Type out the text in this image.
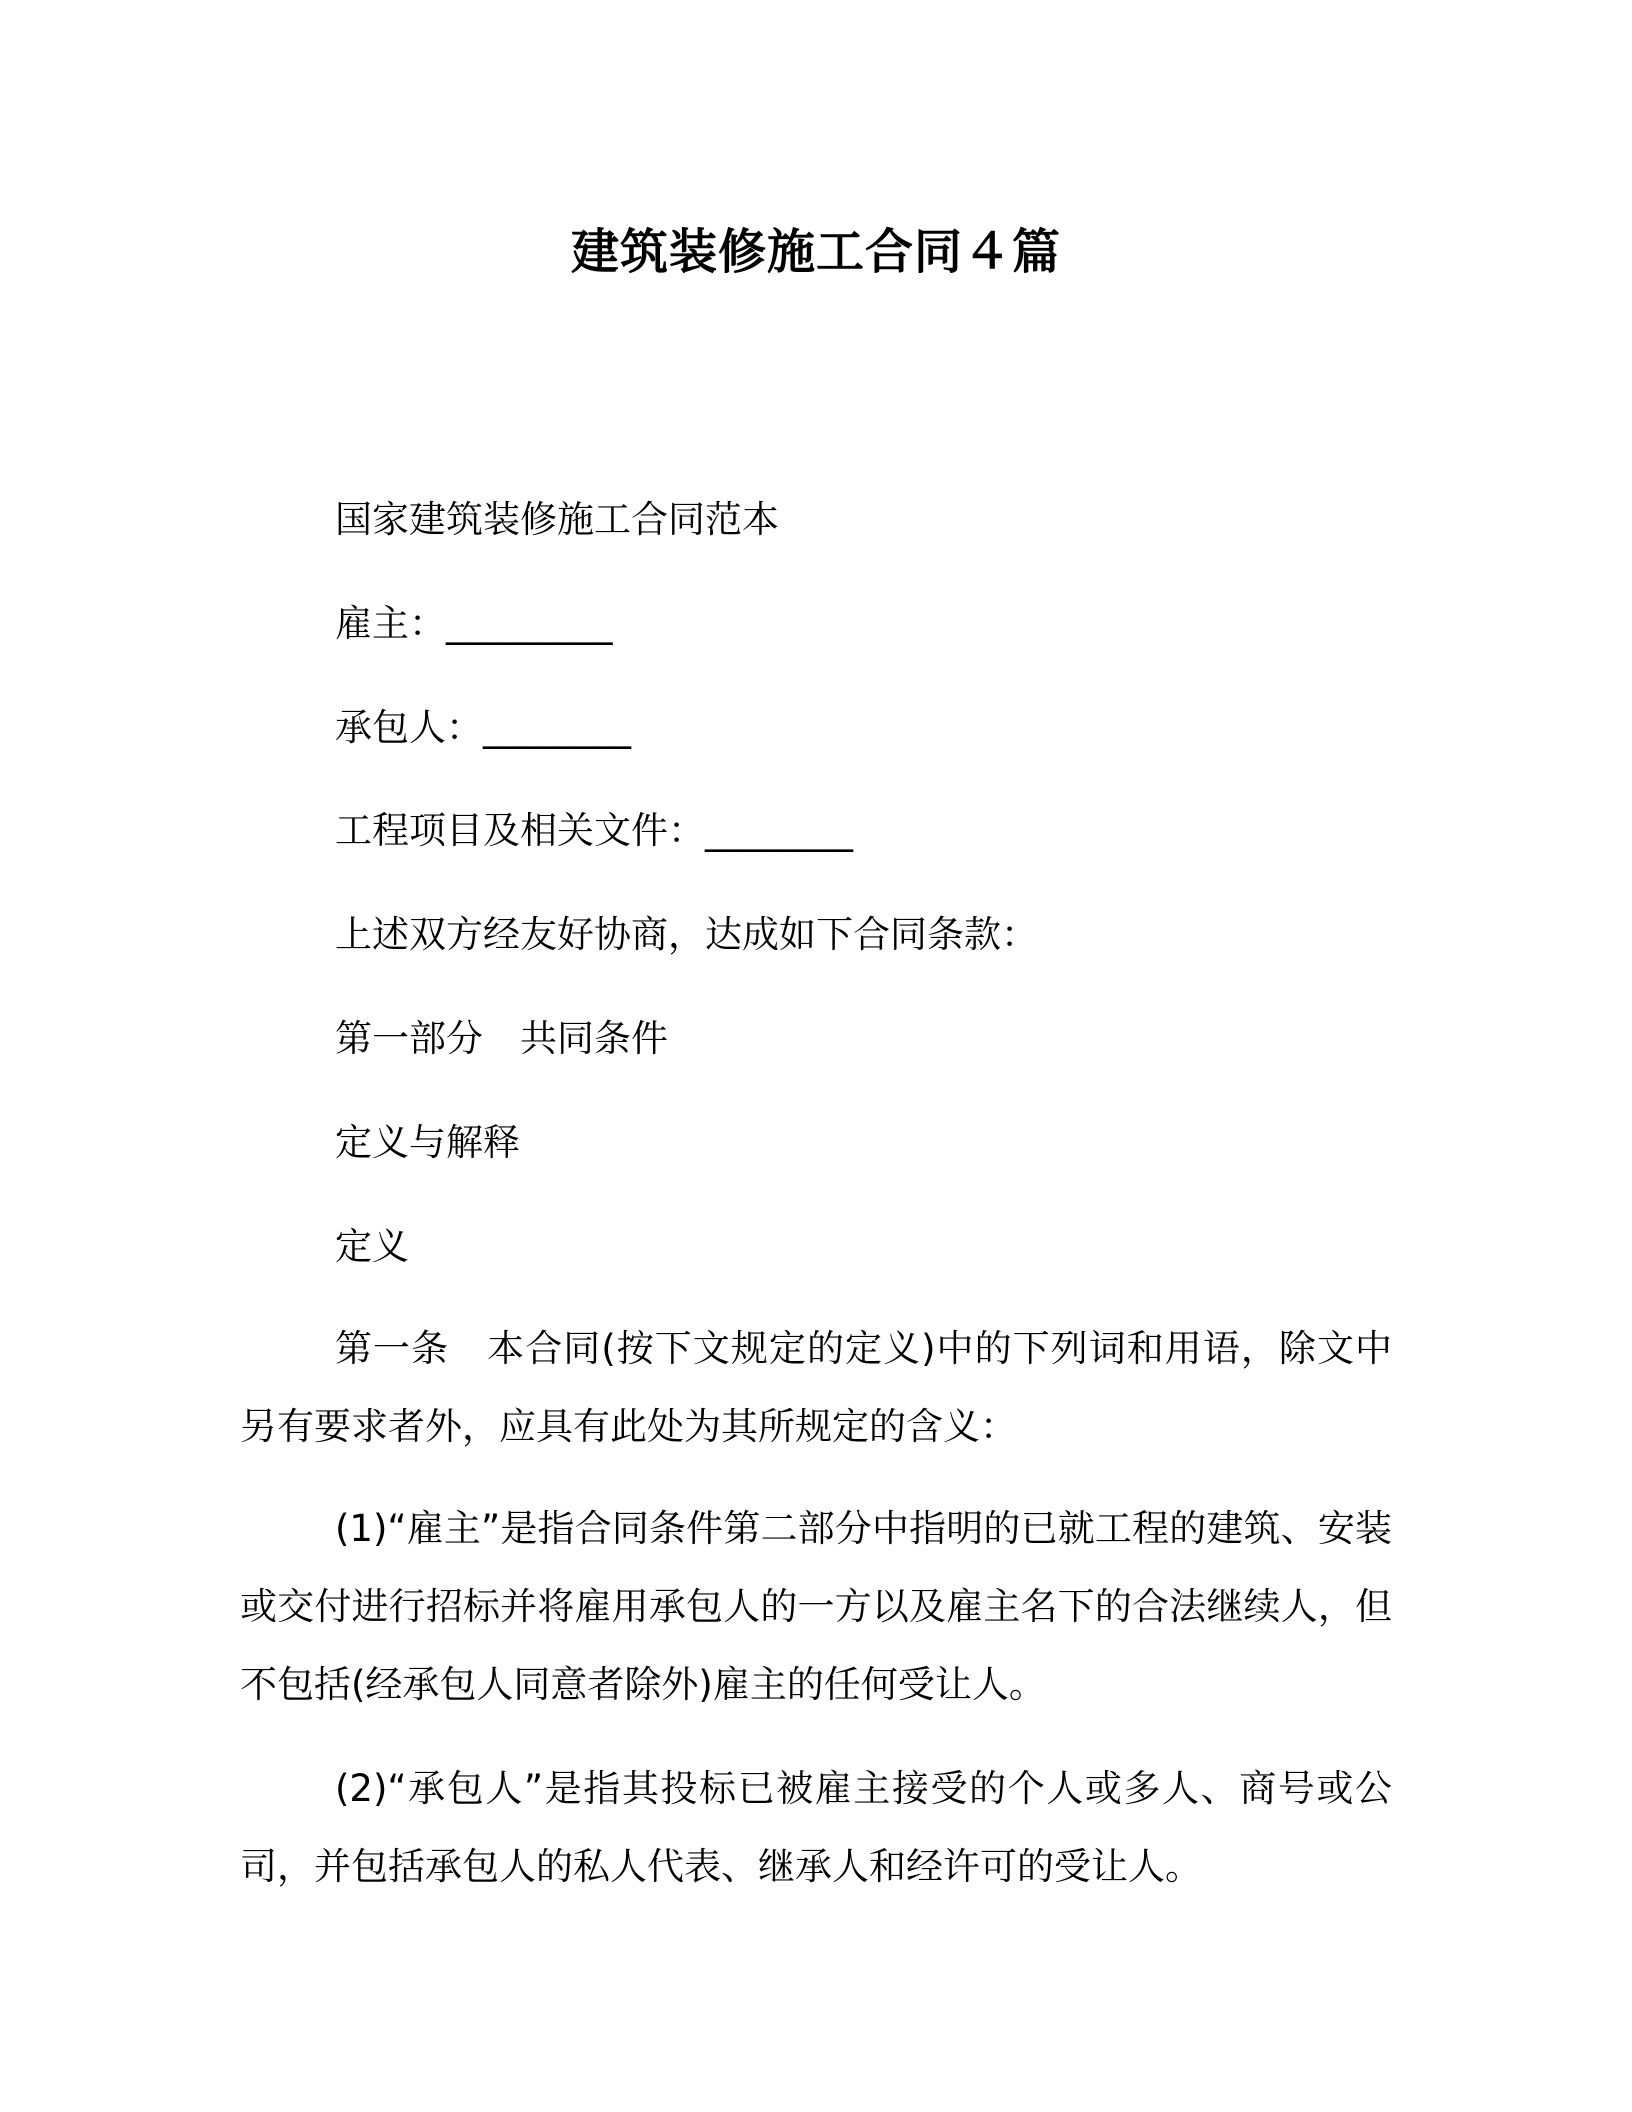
建筑装修施工合同４篇
国家建筑装修施工合同范本
雇主：_________
承包人：________
工程项目及相关文件：________
上述双方经友好协商，达成如下合同条款：
第一部分　共同条件
定义与解释
定义
第一条　本合同(按下文规定的定义)中的下列词和用语，除文中另有要求者外，应具有此处为其所规定的含义：
(1)“雇主”是指合同条件第二部分中指明的已就工程的建筑、安装或交付进行招标并将雇用承包人的一方以及雇主名下的合法继续人，但不包括(经承包人同意者除外)雇主的任何受让人。
(2)“承包人”是指其投标已被雇主接受的个人或多人、商号或公司，并包括承包人的私人代表、继承人和经许可的受让人。
